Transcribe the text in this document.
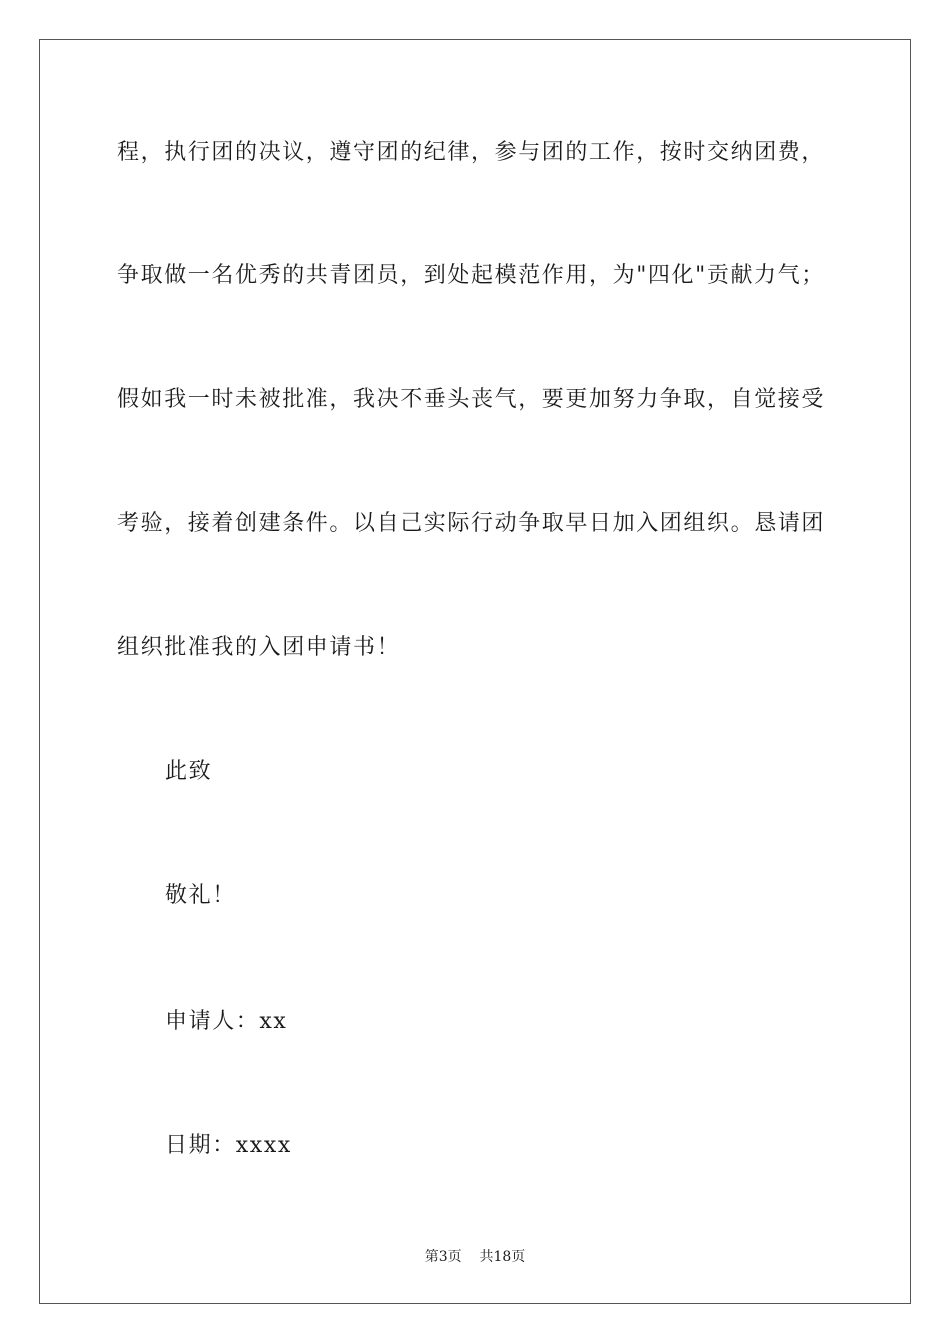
程，执行团的决议，遵守团的纪律，参与团的工作，按时交纳团费，
争取做一名优秀的共青团员，到处起模范作用，为"四化"贡献力气；
假如我一时未被批准，我决不垂头丧气，要更加努力争取，自觉接受
考验，接着创建条件。以自己实际行动争取早日加入团组织。恳请团
组织批准我的入团申请书！
此致
敬礼！
申请人：xx
日期：xxxx
第3页 共18页
